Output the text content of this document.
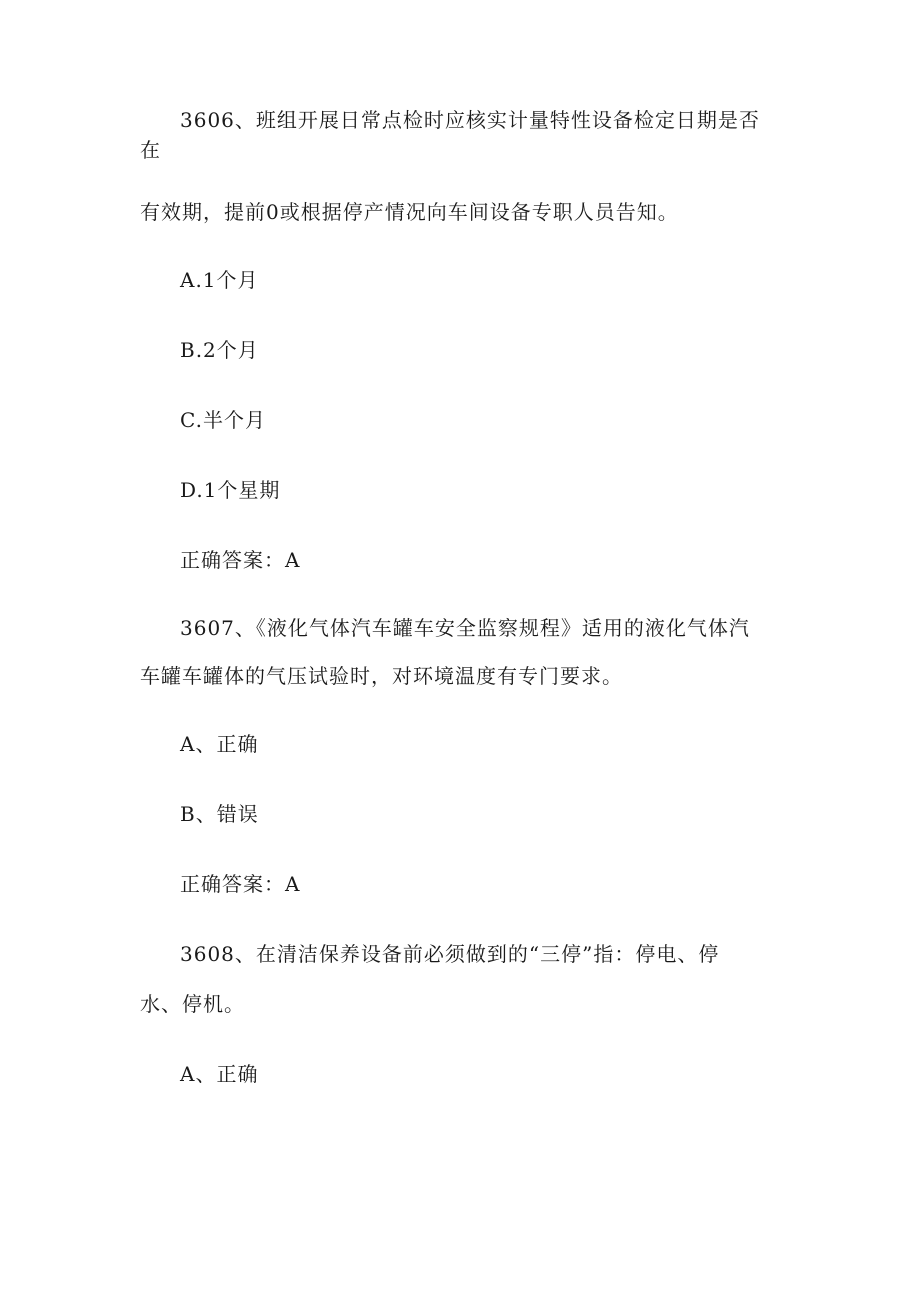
3606、班组开展日常点检时应核实计量特性设备检定日期是否
在
有效期，提前0或根据停产情况向车间设备专职人员告知。
A.1个月
B.2个月
C.半个月
D.1个星期
正确答案：A
3607、《液化气体汽车罐车安全监察规程》适用的液化气体汽
车罐车罐体的气压试验时，对环境温度有专门要求。
A、正确
B、错误
正确答案：A
3608、在清洁保养设备前必须做到的“三停”指：停电、停
水、停机。
A、正确
